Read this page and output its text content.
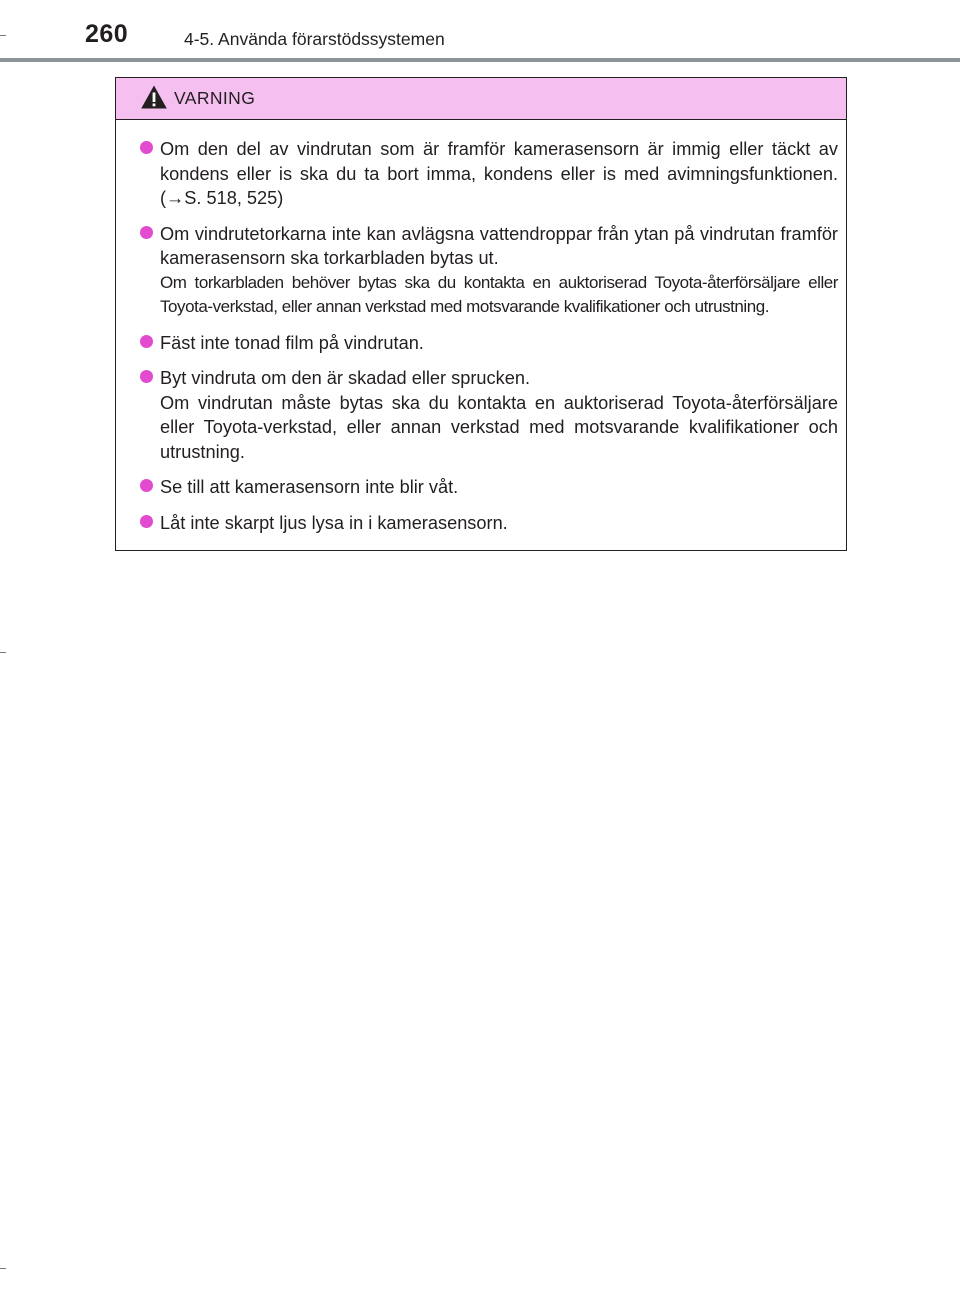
260	4-5. Använda förarstödssystemen
VARNING

Om den del av vindrutan som är framför kamerasensorn är immig eller täckt av kondens eller is ska du ta bort imma, kondens eller is med avimningsfunktionen. (→S. 518, 525)

Om vindrutetorkarna inte kan avlägsna vattendroppar från ytan på vindrutan framför kamerasensorn ska torkarbladen bytas ut.

Om torkarbladen behöver bytas ska du kontakta en auktoriserad Toyota-återförsäljare eller Toyota-verkstad, eller annan verkstad med motsvarande kvalifikationer och utrustning.

Fäst inte tonad film på vindrutan.

Byt vindruta om den är skadad eller sprucken.

Om vindrutan måste bytas ska du kontakta en auktoriserad Toyota-återförsäljare eller Toyota-verkstad, eller annan verkstad med motsvarande kvalifikationer och utrustning.

Se till att kamerasensorn inte blir våt.

Låt inte skarpt ljus lysa in i kamerasensorn.
